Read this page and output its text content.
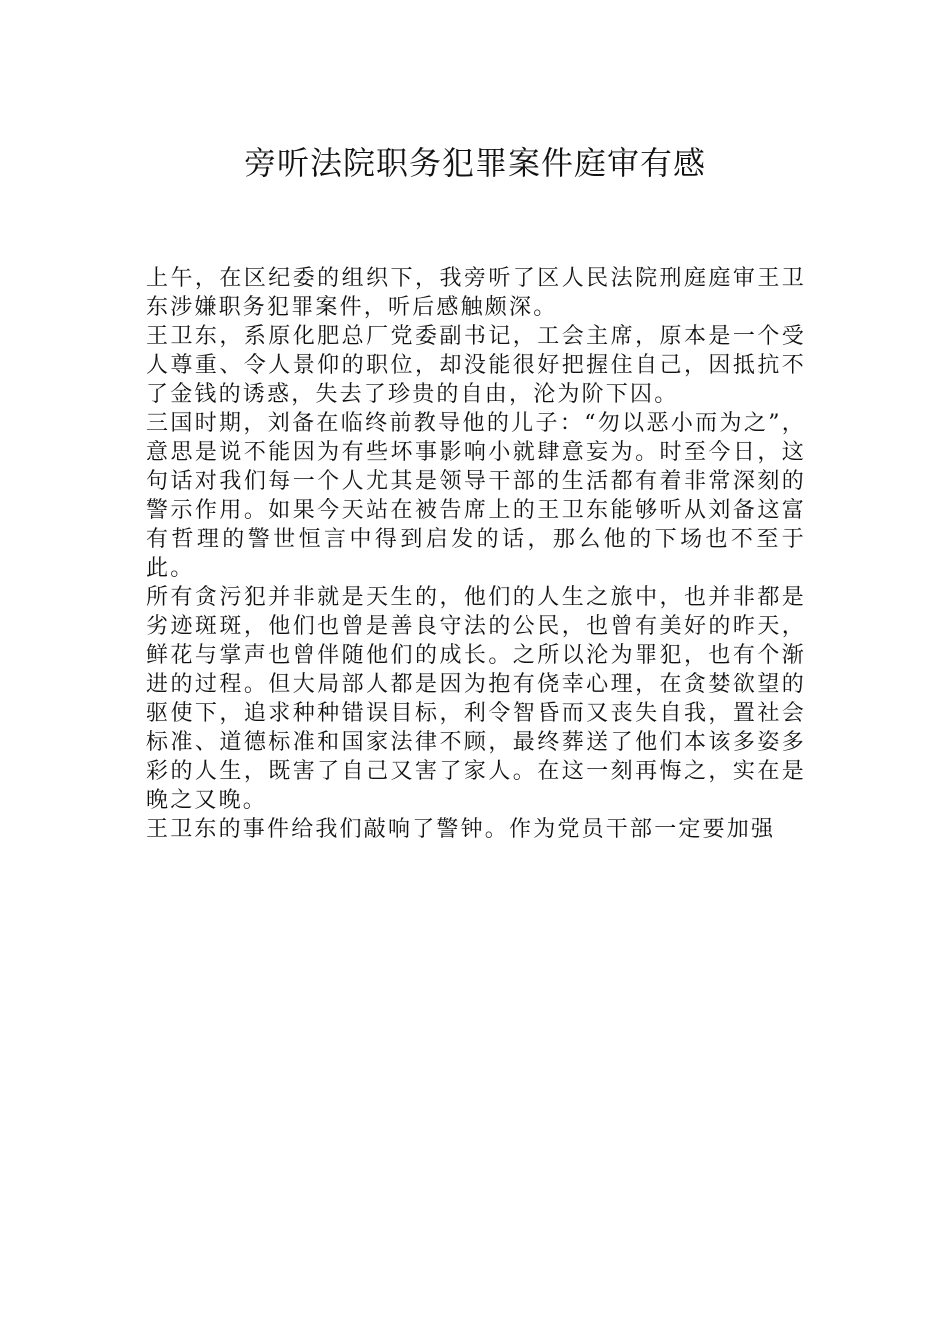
旁听法院职务犯罪案件庭审有感

上午，在区纪委的组织下，我旁听了区人民法院刑庭庭审王卫东涉嫌职务犯罪案件，听后感触颇深。

王卫东，系原化肥总厂党委副书记，工会主席，原本是一个受人尊重、令人景仰的职位，却没能很好把握住自己，因抵抗不了金钱的诱惑，失去了珍贵的自由，沦为阶下囚。

三国时期，刘备在临终前教导他的儿子：“勿以恶小而为之”，意思是说不能因为有些坏事影响小就肆意妄为。时至今日，这句话对我们每一个人尤其是领导干部的生活都有着非常深刻的警示作用。如果今天站在被告席上的王卫东能够听从刘备这富有哲理的警世恒言中得到启发的话，那么他的下场也不至于此。

所有贪污犯并非就是天生的，他们的人生之旅中，也并非都是劣迹斑斑，他们也曾是善良守法的公民，也曾有美好的昨天，鲜花与掌声也曾伴随他们的成长。之所以沦为罪犯，也有个渐进的过程。但大局部人都是因为抱有侥幸心理，在贪婪欲望的驱使下，追求种种错误目标，利令智昏而又丧失自我，置社会标准、道德标准和国家法律不顾，最终葬送了他们本该多姿多彩的人生，既害了自己又害了家人。在这一刻再悔之，实在是晚之又晚。

王卫东的事件给我们敲响了警钟。作为党员干部一定要加强
